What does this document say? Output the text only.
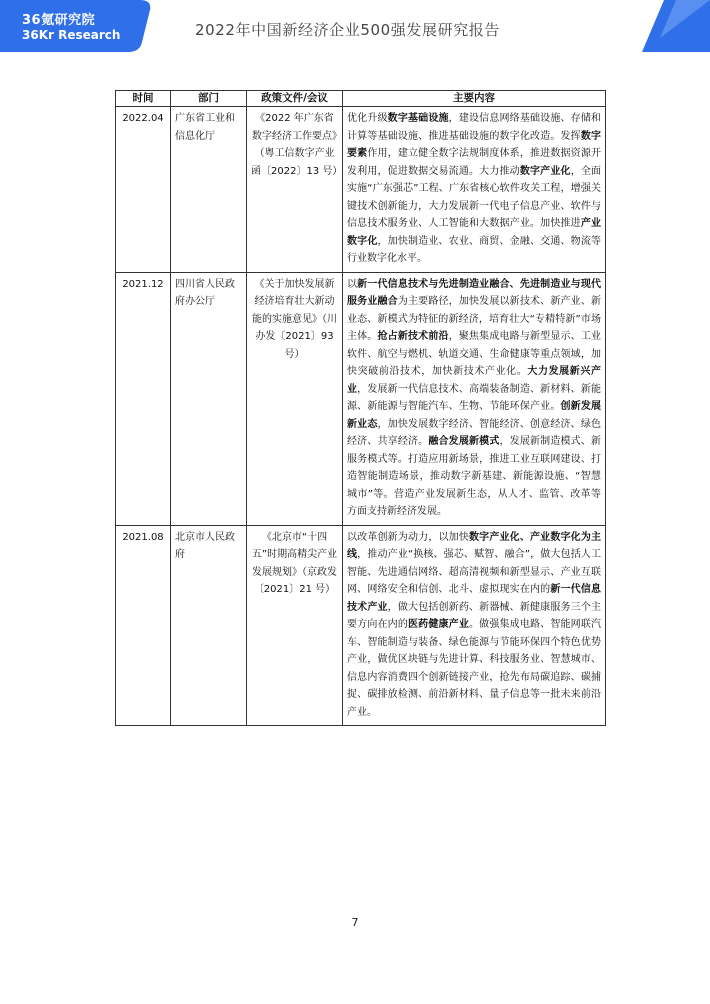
36氪研究院
36Kr Research	2022年中国新经济企业500强发展研究报告
时间	部门	政策文件/会议	主要内容
2022.04	广东省工业和信息化厅	《2022 年广东省数字经济工作要点》（粤工信数字产业函〔2022〕13 号）	优化升级数字基础设施，建设信息网络基础设施、存储和计算等基础设施、推进基础设施的数字化改造。发挥数字要素作用，建立健全数字法规制度体系，推进数据资源开发利用，促进数据交易流通。大力推动数字产业化，全面实施“广东强芯”工程、广东省核心软件攻关工程，增强关键技术创新能力，大力发展新一代电子信息产业、软件与信息技术服务业、人工智能和大数据产业。加快推进产业数字化，加快制造业、农业、商贸、金融、交通、物流等行业数字化水平。
2021.12	四川省人民政府办公厅	《关于加快发展新经济培育壮大新动能的实施意见》（川办发〔2021〕93 号）	以新一代信息技术与先进制造业融合、先进制造业与现代服务业融合为主要路径，加快发展以新技术、新产业、新业态、新模式为特征的新经济，培育壮大“专精特新”市场主体。抢占新技术前沿，聚焦集成电路与新型显示、工业软件、航空与燃机、轨道交通、生命健康等重点领域，加快突破前沿技术，加快新技术产业化。大力发展新兴产业，发展新一代信息技术、高端装备制造、新材料、新能源、新能源与智能汽车、生物、节能环保产业。创新发展新业态，加快发展数字经济、智能经济、创意经济、绿色经济、共享经济。融合发展新模式，发展新制造模式、新服务模式等。打造应用新场景，推进工业互联网建设、打造智能制造场景，推动数字新基建、新能源设施、“智慧城市”等。营造产业发展新生态，从人才、监管、改革等方面支持新经济发展。
2021.08	北京市人民政府	《北京市“十四五”时期高精尖产业发展规划》（京政发〔2021〕21 号）	以改革创新为动力，以加快数字产业化、产业数字化为主线，推动产业“换核、强芯、赋智、融合”，做大包括人工智能、先进通信网络、超高清视频和新型显示、产业互联网、网络安全和信创、北斗、虚拟现实在内的新一代信息技术产业，做大包括创新药、新器械、新健康服务三个主要方向在内的医药健康产业。做强集成电路、智能网联汽车、智能制造与装备、绿色能源与节能环保四个特色优势产业，做优区块链与先进计算、科技服务业、智慧城市、信息内容消费四个创新链接产业，抢先布局碳追踪、碳捕捉、碳排放检测、前沿新材料、量子信息等一批未来前沿产业。
7
